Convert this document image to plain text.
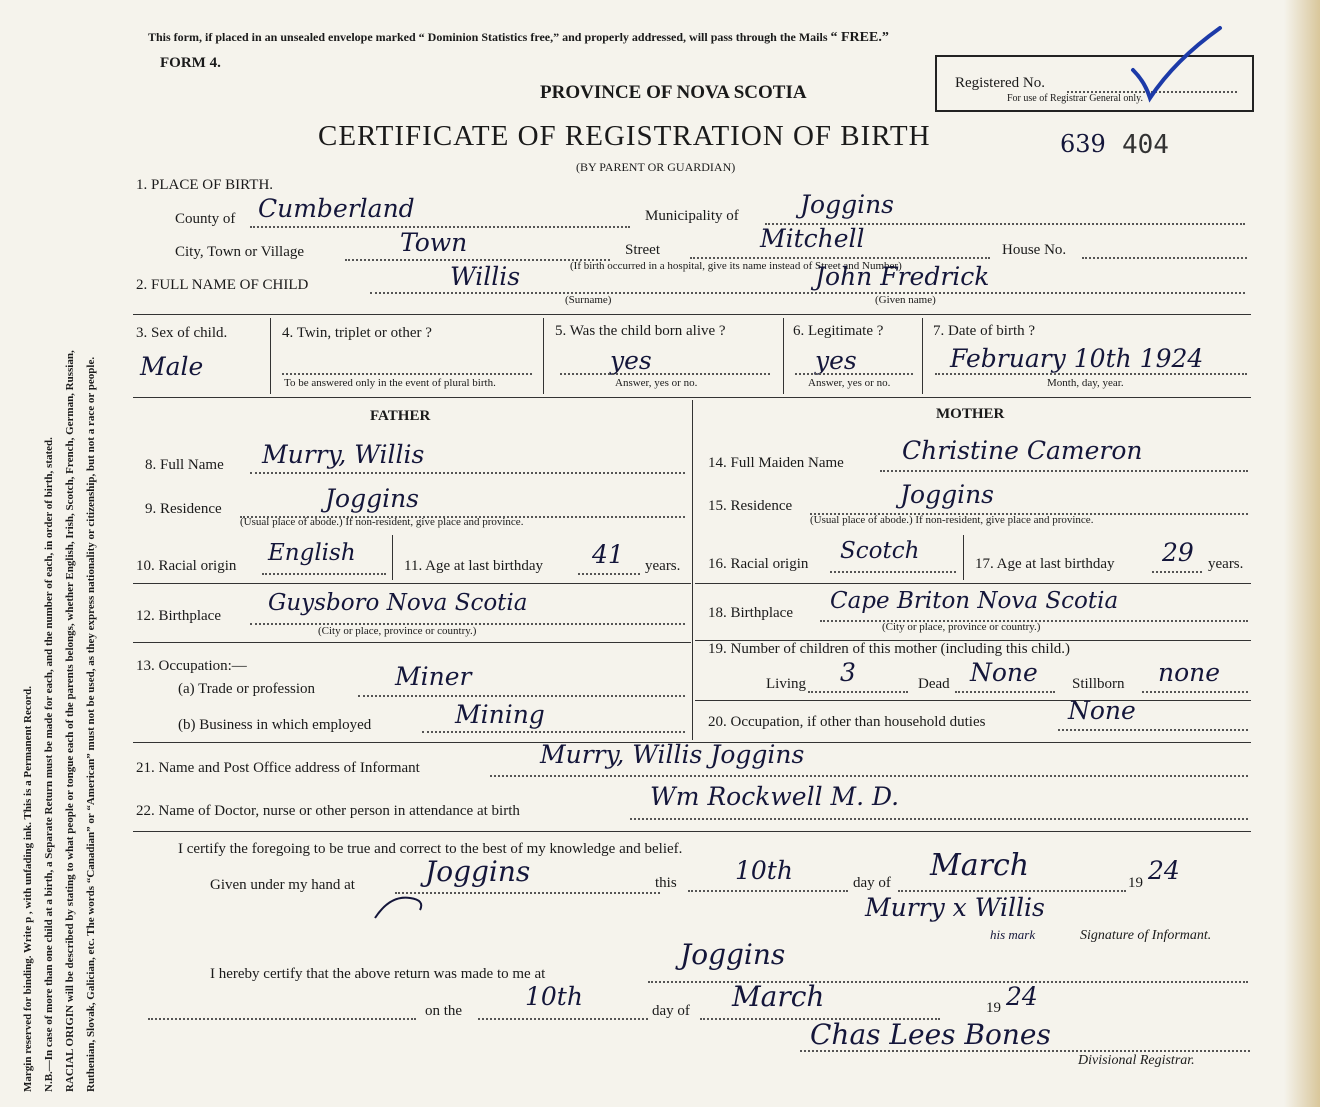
Margin reserved for binding. Write p , with unfading ink. This is a Permanent Record. N.B.—In case of more than one child at a birth, a Separate Return must be made for each, and the number of each, in order of birth, stated. RACIAL ORIGIN will be described by stating to what people or tongue each of the parents belongs, whether English, Irish, Scotch, French, German, Russian, Ruthenian, Slovak, Galician, etc. The words “Canadian” or “American” must not be used, as they express nationality or citizenship, but not a race or people.
This form, if placed in an unsealed envelope marked “ Dominion Statistics free,” and properly addressed, will pass through the Mails “ FREE.”
FORM 4.
PROVINCE OF NOVA SCOTIA
CERTIFICATE OF REGISTRATION OF BIRTH
(BY PARENT OR GUARDIAN)
639 404
Registered No.
For use of Registrar General only.
1. PLACE OF BIRTH.
County of Cumberland	Municipality of Joggins
City, Town or Village	Town	Street	Mitchell	House No.
(If birth occurred in a hospital, give its name instead of Street and Number)
2. FULL NAME OF CHILD	Willis	John Fredrick
(Surname)	(Given name)
3. Sex of child.
Male
4. Twin, triplet or other ?
To be answered only in the event of plural birth.
5. Was the child born alive ?
yes
Answer, yes or no.
6. Legitimate ?
yes
Answer, yes or no.
7. Date of birth ?
February 10th 1924
Month, day, year.
FATHER
8. Full Name Murry, Willis
9. Residence	Joggins
(Usual place of abode.) If non-resident, give place and province.
10. Racial origin English	11. Age at last birthday 41 years.
12. Birthplace Guysboro Nova Scotia
(City or place, province or country.)
13. Occupation:—
(a) Trade or profession	Miner
(b) Business in which employed	Mining
MOTHER
14. Full Maiden Name Christine Cameron
15. Residence	Joggins
(Usual place of abode.) If non-resident, give place and province.
16. Racial origin Scotch	17. Age at last birthday 29 years.
18. Birthplace Cape Briton Nova Scotia
(City or place, province or country.)
19. Number of children of this mother (including this child.)
Living 3	Dead None Stillborn none
20. Occupation, if other than household duties	None
21. Name and Post Office address of Informant	Murry, Willis Joggins
22. Name of Doctor, nurse or other person in attendance at birth	Wm Rockwell M. D.
I certify the foregoing to be true and correct to the best of my knowledge and belief.
Given under my hand at	Joggins	this 10th	day of March	19 24
Murry x Willis
his mark	Signature of Informant.
I hereby certify that the above return was made to me at
Joggins
on the	10th	day of March	19 24
Chas Lees Bones
Divisional Registrar.
